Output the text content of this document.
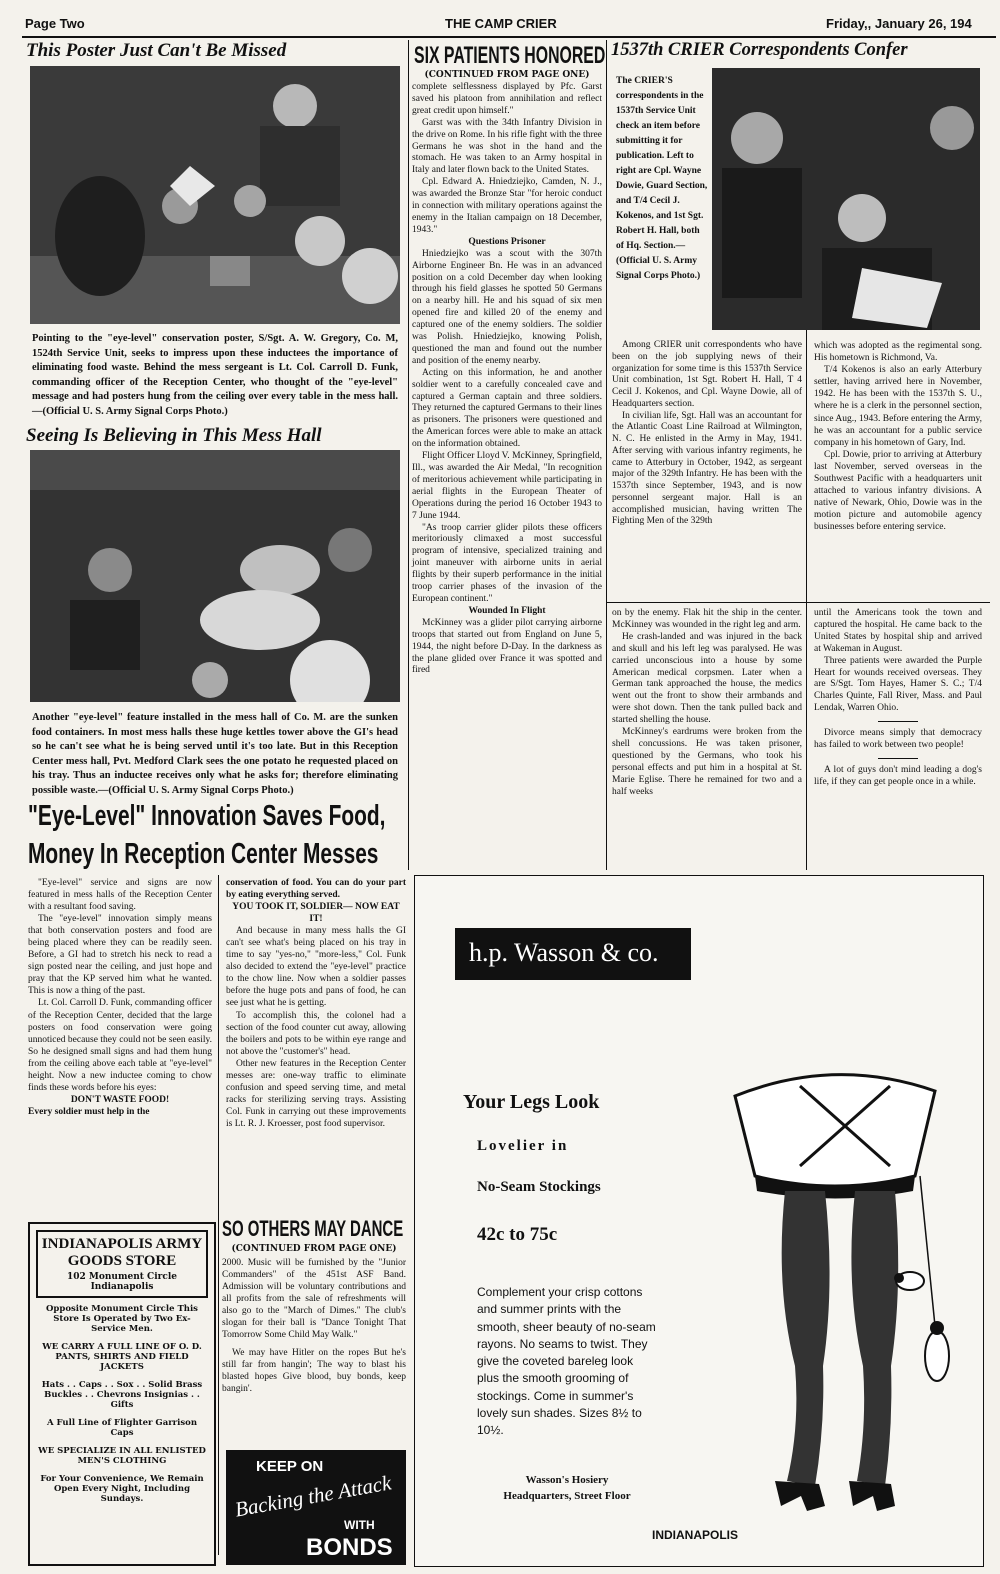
Page Two	THE CAMP CRIER	Friday,, January 26, 194
This Poster Just Can't Be Missed
Pointing to the "eye-level" conservation poster, S/Sgt. A. W. Gregory, Co. M, 1524th Service Unit, seeks to impress upon these inductees the importance of eliminating food waste. Behind the mess sergeant is Lt. Col. Carroll D. Funk, commanding officer of the Reception Center, who thought of the "eye-level" message and had posters hung from the ceiling over every table in the mess hall.—(Official U. S. Army Signal Corps Photo.)
Seeing Is Believing in This Mess Hall
Another "eye-level" feature installed in the mess hall of Co. M. are the sunken food containers. In most mess halls these huge kettles tower above the GI's head so he can't see what he is being served until it's too late. But in this Reception Center mess hall, Pvt. Medford Clark sees the one potato he requested placed on his tray. Thus an inductee receives only what he asks for; therefore eliminating possible waste.—(Official U. S. Army Signal Corps Photo.)
"Eye-Level" Innovation Saves Food,
Money In Reception Center Messes

"Eye-level" service and signs are now featured in mess halls of the Reception Center with a resultant food saving.

The "eye-level" innovation simply means that both conservation posters and food are being placed where they can be readily seen. Before, a GI had to stretch his neck to read a sign posted near the ceiling, and just hope and pray that the KP served him what he wanted. This is now a thing of the past.

Lt. Col. Carroll D. Funk, commanding officer of the Reception Center, decided that the large posters on food conservation were going unnoticed because they could not be seen easily. So he designed small signs and had them hung from the ceiling above each table at "eye-level" height. Now a new inductee coming to chow finds these words before his eyes:

DON'T WASTE FOOD!
Every soldier must help in the
conservation of food. You can do your part by eating everything served.
YOU TOOK IT, SOLDIER— NOW EAT IT!

And because in many mess halls the GI can't see what's being placed on his tray in time to say "yes-no," "more-less," Col. Funk also decided to extend the "eye-level" practice to the chow line. Now when a soldier passes before the huge pots and pans of food, he can see just what he is getting.

To accomplish this, the colonel had a section of the food counter cut away, allowing the boilers and pots to be within eye range and not above the "customer's" head.

Other new features in the Reception Center messes are: one-way traffic to eliminate confusion and speed serving time, and metal racks for sterilizing serving trays. Assisting Col. Funk in carrying out these improvements is Lt. R. J. Kroesser, post food supervisor.

SIX PATIENTS HONORED
(CONTINUED FROM PAGE ONE)

complete selflessness displayed by Pfc. Garst saved his platoon from annihilation and reflect great credit upon himself."

Garst was with the 34th Infantry Division in the drive on Rome. In his rifle fight with the three Germans he was shot in the hand and the stomach. He was taken to an Army hospital in Italy and later flown back to the United States.

Cpl. Edward A. Hniedziejko, Camden, N. J., was awarded the Bronze Star "for heroic conduct in connection with military operations against the enemy in the Italian campaign on 18 December, 1943."

Questions Prisoner

Hniedziejko was a scout with the 307th Airborne Engineer Bn. He was in an advanced position on a cold December day when looking through his field glasses he spotted 50 Germans on a nearby hill. He and his squad of six men opened fire and killed 20 of the enemy and captured one of the enemy soldiers. The soldier was Polish. Hniedziejko, knowing Polish, questioned the man and found out the number and position of the enemy nearby.

Acting on this information, he and another soldier went to a carefully concealed cave and captured a German captain and three soldiers. They returned the captured Germans to their lines as prisoners. The prisoners were questioned and the American forces were able to make an attack on the information obtained.

Flight Officer Lloyd V. McKinney, Springfield, Ill., was awarded the Air Medal, "In recognition of meritorious achievement while participating in aerial flights in the European Theater of Operations during the period 16 October 1943 to 7 June 1944.

"As troop carrier glider pilots these officers meritoriously climaxed a most successful program of intensive, specialized training and joint maneuver with airborne units in aerial flights by their superb performance in the initial troop carrier phases of the invasion of the European continent."

Wounded In Flight

McKinney was a glider pilot carrying airborne troops that started out from England on June 5, 1944, the night before D-Day. In the darkness as the plane glided over France it was spotted and fired

1537th CRIER Correspondents Confer
The CRIER'S correspondents in the 1537th Service Unit check an item before submitting it for publication. Left to right are Cpl. Wayne Dowie, Guard Section, and T/4 Cecil J. Kokenos, and 1st Sgt. Robert H. Hall, both of Hq. Section.— (Official U. S. Army Signal Corps Photo.)

Among CRIER unit correspondents who have been on the job supplying news of their organization for some time is this 1537th Service Unit combination, 1st Sgt. Robert H. Hall, T 4 Cecil J. Kokenos, and Cpl. Wayne Dowie, all of Headquarters section.

In civilian life, Sgt. Hall was an accountant for the Atlantic Coast Line Railroad at Wilmington, N. C. He enlisted in the Army in May, 1941. After serving with various infantry regiments, he came to Atterbury in October, 1942, as sergeant major of the 329th Infantry. He has been with the 1537th since September, 1943, and is now personnel sergeant major. Hall is an accomplished musician, having written The Fighting Men of the 329th

which was adopted as the regimental song. His hometown is Richmond, Va.

T/4 Kokenos is also an early Atterbury settler, having arrived here in November, 1942. He has been with the 1537th S. U., where he is a clerk in the personnel section, since Aug., 1943. Before entering the Army, he was an accountant for a public service company in his hometown of Gary, Ind.

Cpl. Dowie, prior to arriving at Atterbury last November, served overseas in the Southwest Pacific with a headquarters unit attached to various infantry divisions. A native of Newark, Ohio, Dowie was in the motion picture and automobile agency businesses before entering service.

on by the enemy. Flak hit the ship in the center. McKinney was wounded in the right leg and arm.

He crash-landed and was injured in the back and skull and his left leg was paralysed. He was carried unconscious into a house by some American medical corpsmen. Later when a German tank approached the house, the medics went out the front to show their armbands and were shot down. Then the tank pulled back and started shelling the house.

McKinney's eardrums were broken from the shell concussions. He was taken prisoner, questioned by the Germans, who took his personal effects and put him in a hospital at St. Marie Eglise. There he remained for two and a half weeks

until the Americans took the town and captured the hospital. He came back to the United States by hospital ship and arrived at Wakeman in August.

Three patients were awarded the Purple Heart for wounds received overseas. They are S/Sgt. Tom Hayes, Hamer S. C.; T/4 Charles Quinte, Fall River, Mass. and Paul Lendak, Warren Ohio.

Divorce means simply that democracy has failed to work between two people!

A lot of guys don't mind leading a dog's life, if they can get people once in a while.

INDIANAPOLIS ARMY GOODS STORE
102 Monument Circle
Indianapolis
Opposite Monument Circle This Store Is Operated by Two Ex-Service Men.
WE CARRY A FULL LINE OF O. D. PANTS, SHIRTS AND FIELD JACKETS
Hats . . Caps . . Sox . . Solid Brass Buckles . . Chevrons Insignias . . Gifts
A Full Line of Flighter Garrison Caps
WE SPECIALIZE IN ALL ENLISTED MEN'S CLOTHING
For Your Convenience, We Remain Open Every Night, Including Sundays.
SO OTHERS MAY DANCE
(CONTINUED FROM PAGE ONE)

2000. Music will be furnished by the "Junior Commanders" of the 451st ASF Band. Admission will be voluntary contributions and all profits from the sale of refreshments will also go to the "March of Dimes." The club's slogan for their ball is "Dance Tonight That Tomorrow Some Child May Walk."

We may have Hitler on the ropes But he's still far from hangin'; The way to blast his blasted hopes Give blood, buy bonds, keep bangin'.

KEEP ON
Backing the Attack
WITH
BONDS
h.p. Wasson & co.
Your Legs Look
Lovelier in
No-Seam Stockings
42c to 75c
Complement your crisp cottons and summer prints with the smooth, sheer beauty of no-seam rayons. No seams to twist. They give the coveted bareleg look plus the smooth grooming of stockings. Come in summer's lovely sun shades. Sizes 8½ to 10½.
Wasson's Hosiery
Headquarters, Street Floor
INDIANAPOLIS
